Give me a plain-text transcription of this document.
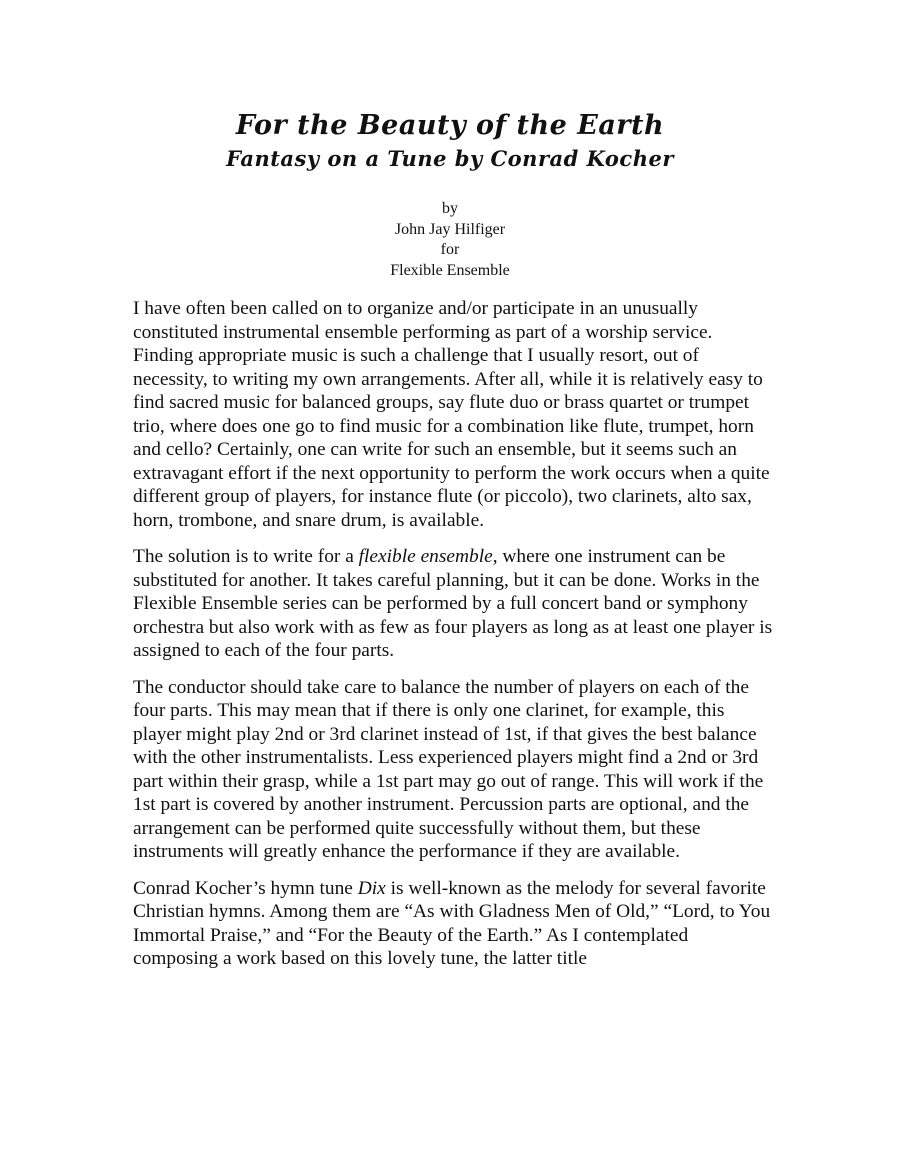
For the Beauty of the Earth
Fantasy on a Tune by Conrad Kocher
by
John Jay Hilfiger
for
Flexible Ensemble

I have often been called on to organize and/or participate in an unusually constituted instrumental ensemble performing as part of a worship service. Finding appropriate music is such a challenge that I usually resort, out of necessity, to writing my own arrangements. After all, while it is relatively easy to find sacred music for balanced groups, say flute duo or brass quartet or trumpet trio, where does one go to find music for a combination like flute, trumpet, horn and cello? Certainly, one can write for such an ensemble, but it seems such an extravagant effort if the next opportunity to perform the work occurs when a quite different group of players, for instance flute (or piccolo), two clarinets, alto sax, horn, trombone, and snare drum, is available.

The solution is to write for a flexible ensemble, where one instrument can be substituted for another. It takes careful planning, but it can be done. Works in the Flexible Ensemble series can be performed by a full concert band or symphony orchestra but also work with as few as four players as long as at least one player is assigned to each of the four parts.

The conductor should take care to balance the number of players on each of the four parts. This may mean that if there is only one clarinet, for example, this player might play 2nd or 3rd clarinet instead of 1st, if that gives the best balance with the other instrumentalists. Less experienced players might find a 2nd or 3rd part within their grasp, while a 1st part may go out of range. This will work if the 1st part is covered by another instrument. Percussion parts are optional, and the arrangement can be performed quite successfully without them, but these instruments will greatly enhance the performance if they are available.

Conrad Kocher’s hymn tune Dix is well-known as the melody for several favorite Christian hymns. Among them are “As with Gladness Men of Old,” “Lord, to You Immortal Praise,” and “For the Beauty of the Earth.” As I contemplated composing a work based on this lovely tune, the latter title
